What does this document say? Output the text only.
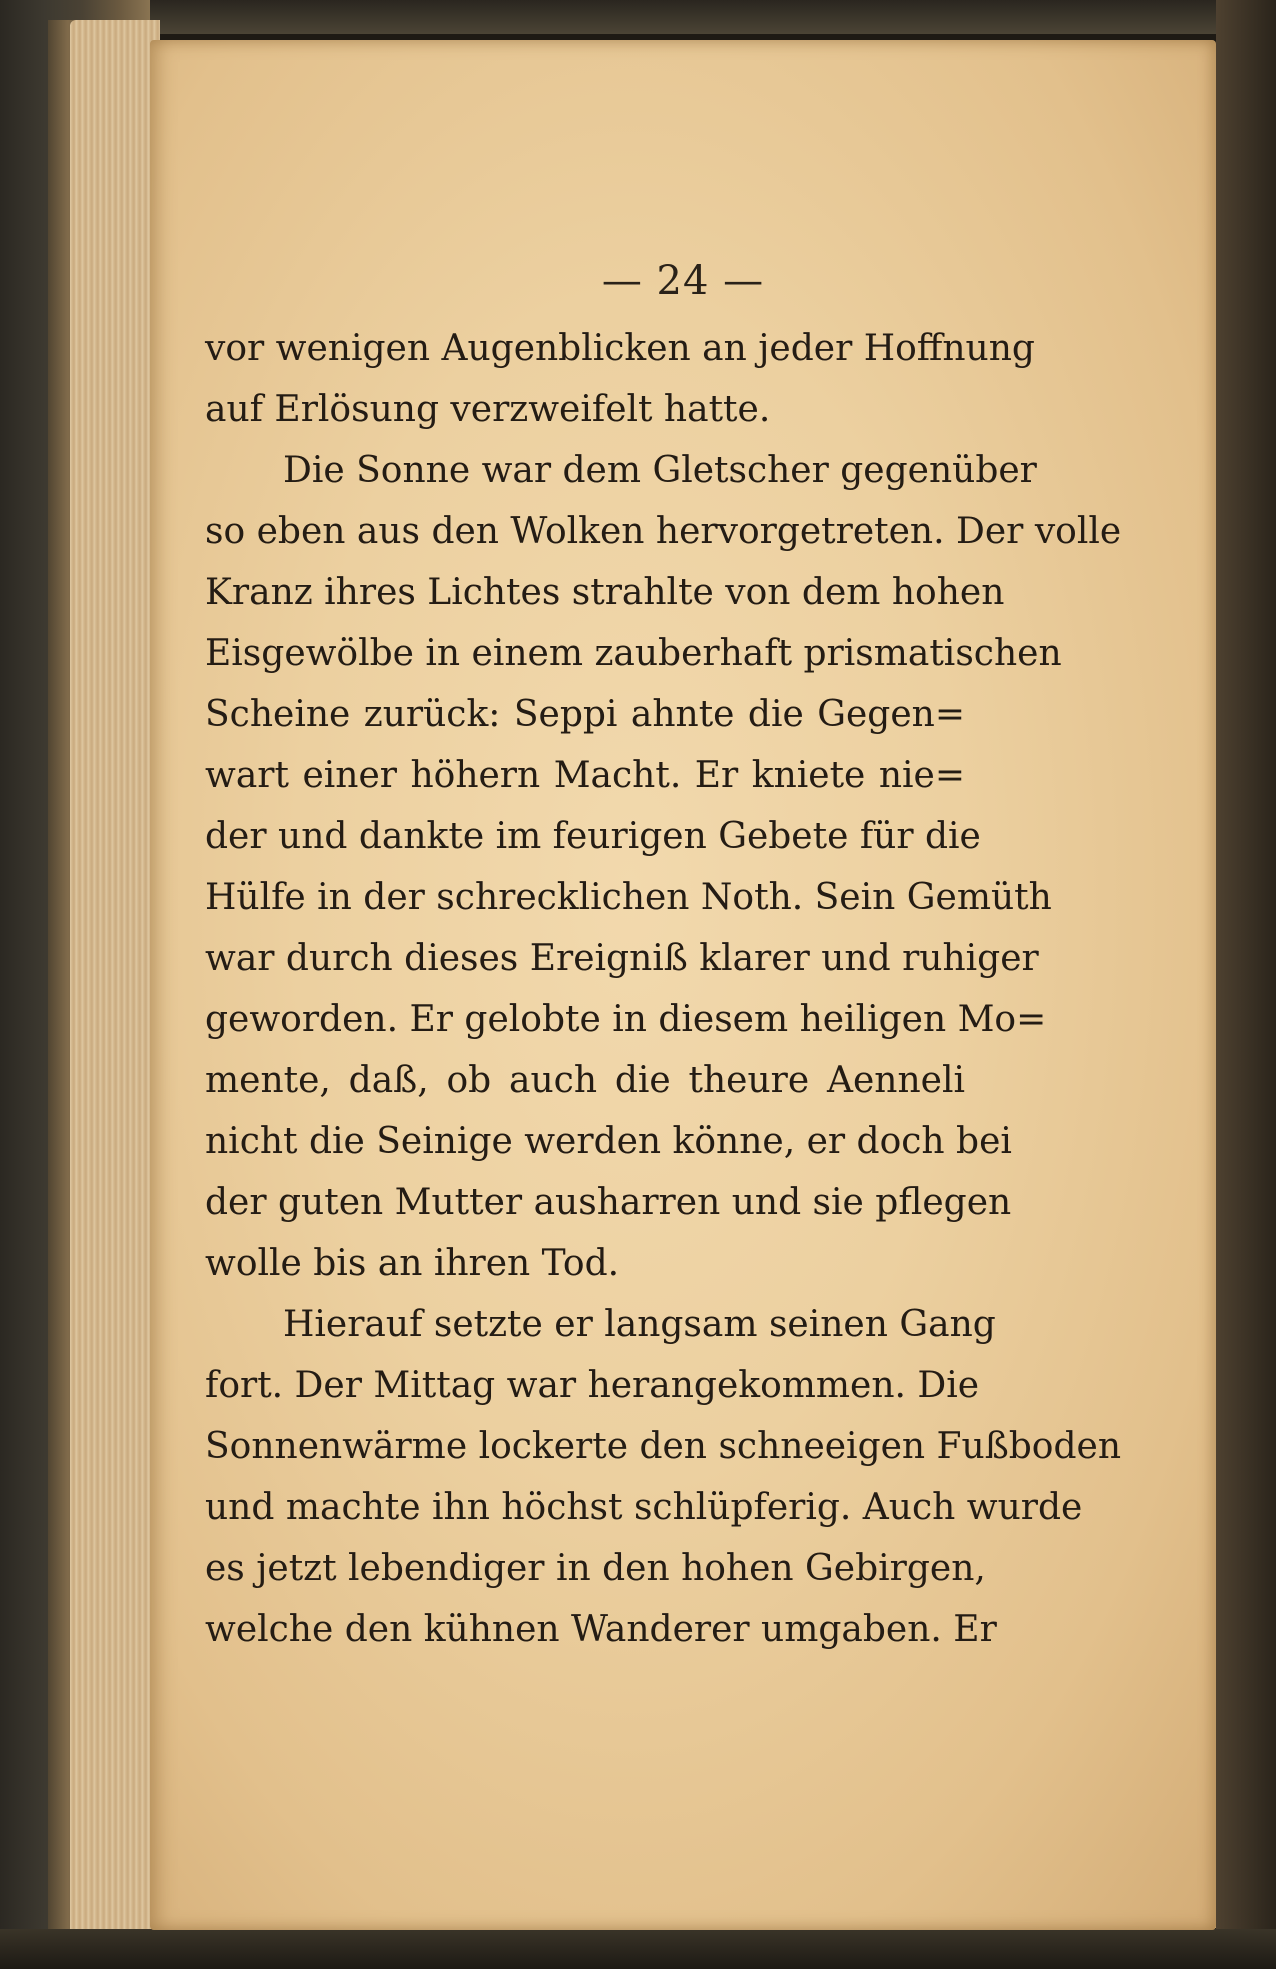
— 24 —
vor wenigen Augenblicken an jeder Hoffnung
auf Erlösung verzweifelt hatte.
Die Sonne war dem Gletscher gegenüber
so eben aus den Wolken hervorgetreten. Der volle
Kranz ihres Lichtes strahlte von dem hohen
Eisgewölbe in einem zauberhaft prismatischen
Scheine zurück: Seppi ahnte die Gegen=
wart einer höhern Macht. Er kniete nie=
der und dankte im feurigen Gebete für die
Hülfe in der schrecklichen Noth. Sein Gemüth
war durch dieses Ereigniß klarer und ruhiger
geworden. Er gelobte in diesem heiligen Mo=
mente, daß, ob auch die theure Aenneli
nicht die Seinige werden könne, er doch bei
der guten Mutter ausharren und sie pflegen
wolle bis an ihren Tod.
Hierauf setzte er langsam seinen Gang
fort. Der Mittag war herangekommen. Die
Sonnenwärme lockerte den schneeigen Fußboden
und machte ihn höchst schlüpferig. Auch wurde
es jetzt lebendiger in den hohen Gebirgen,
welche den kühnen Wanderer umgaben. Er
